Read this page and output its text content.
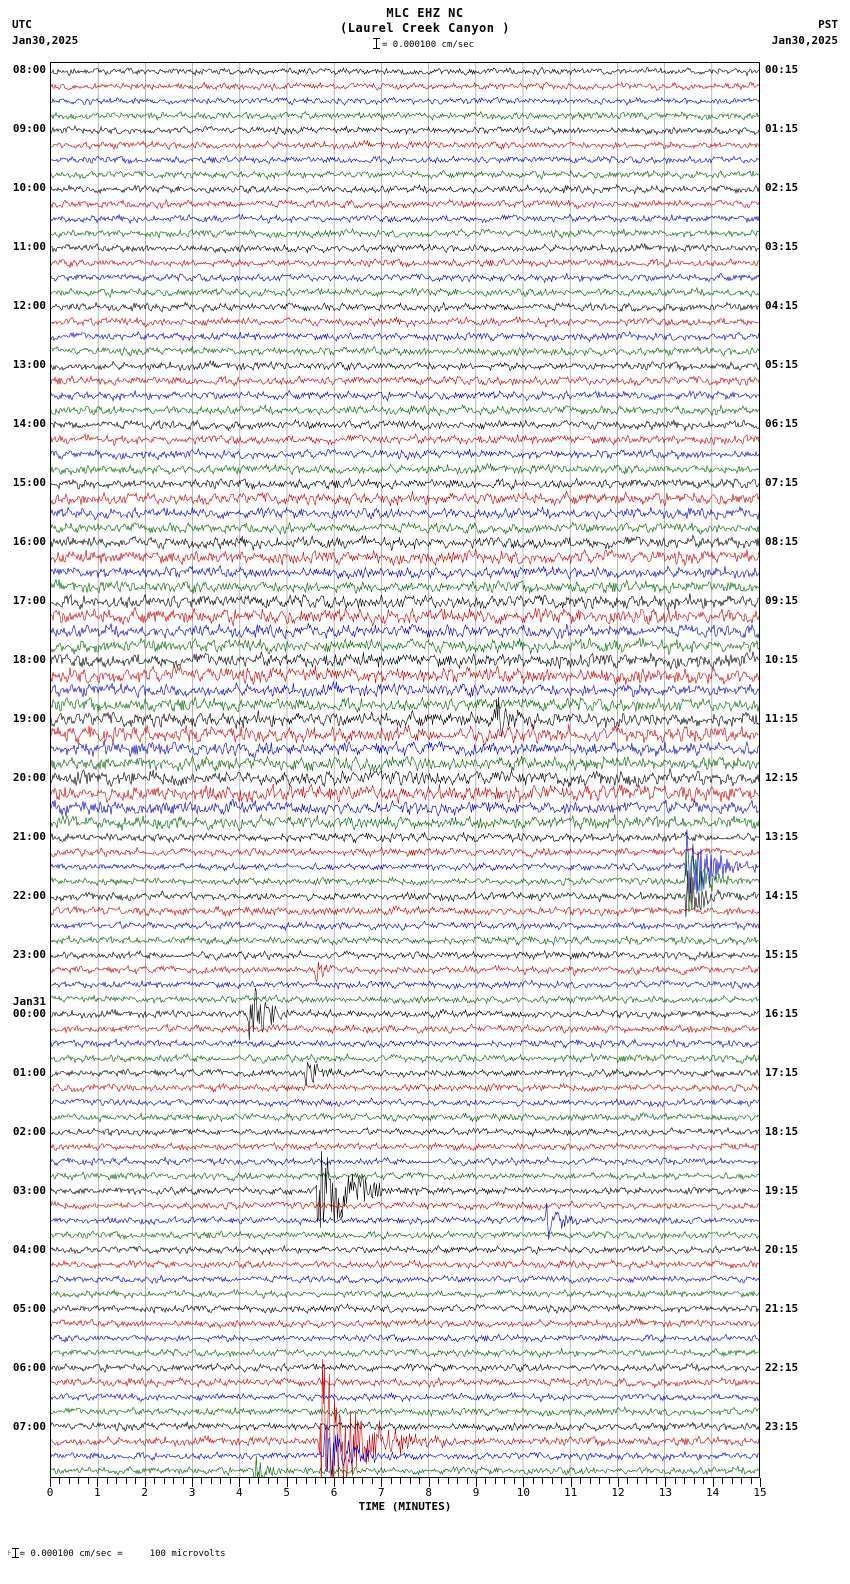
MLC EHZ NC
(Laurel Creek Canyon )
= 0.000100 cm/sec
UTC
Jan30,2025
PST
Jan30,2025
08:00
09:00
10:00
11:00
12:00
13:00
14:00
15:00
16:00
17:00
18:00
19:00
20:00
21:00
22:00
23:00
00:00
01:00
02:00
03:00
04:00
05:00
06:00
07:00
Jan31
00:15
01:15
02:15
03:15
04:15
05:15
06:15
07:15
08:15
09:15
10:15
11:15
12:15
13:15
14:15
15:15
16:15
17:15
18:15
19:15
20:15
21:15
22:15
23:15
0	1	2	3	4	5	6	7	8	9	10	11	12	13	14	15
TIME (MINUTES)
⊦ = 0.000100 cm/sec =     100 microvolts
